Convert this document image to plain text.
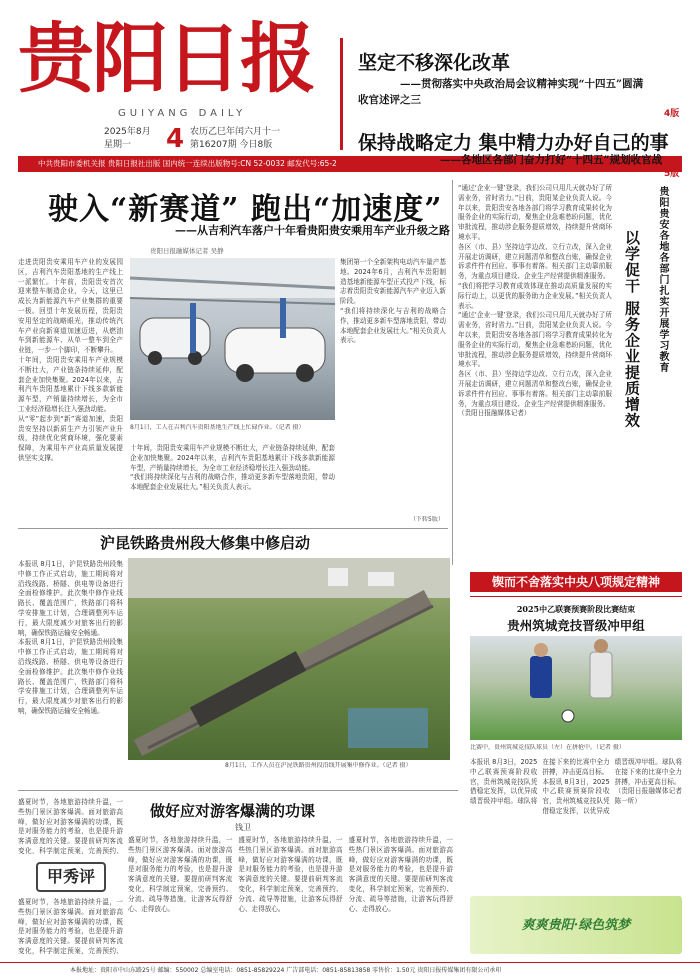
贵阳日报
GUIYANG DAILY
2025年8月
星期一	4 农历乙巳年闰六月十一
第16207期 今日8版
中共贵阳市委机关报 贵阳日报社出版 国内统一连续出版物号:CN 52-0032 邮发代号:65-2
坚定不移深化改革
——贯彻落实中央政治局会议精神实现“十四五”圆满
收官述评之三
4版
保持战略定力 集中精力办好自己的事
——各地区各部门奋力打好“十四五”规划收官战
5版
驶入“新赛道” 跑出“加速度”
——从吉利汽车落户十年看贵阳贵安乘用车产业升级之路
贵阳日报融媒体记者 吴静

走进贵阳贵安乘用车产业的发展园区，吉利汽车贵阳基地的生产线上一派繁忙。十年前，贵阳贵安首次迎来整车制造企业，今天，这里已成长为新能源汽车产业集群的重要一极。回望十年发展历程，贵阳贵安用坚定的战略眼光，推动传统汽车产业向新赛道加速迈进，从燃油车到新能源车、从单一整车到全产业链，一步一个脚印，不断攀升。

十年间，贵阳贵安乘用车产业规模不断壮大，产业链条持续延伸，配套企业加快集聚。2024年以来，吉利汽车贵阳基地累计下线多款新能源车型，产销量持续增长，为全市工业经济稳增长注入强劲动能。

从“零”起步到“新”赛道加速，贵阳贵安坚持以新质生产力引领产业升级，持续优化营商环境，强化要素保障，为乘用车产业高质量发展提供坚实支撑。

8月1日，工人在吉利汽车贵阳基地生产线上忙碌作业。（记者 摄）

集团第一个全新架构电动汽车量产基地。2024年6月，吉利汽车贵阳制造基地新能源车型正式投产下线，标志着贵阳贵安新能源汽车产业迈入新阶段。

“我们将持续深化与吉利的战略合作，推动更多新车型落地贵阳，带动本地配套企业发展壮大。”相关负责人表示。

十年间，贵阳贵安乘用车产业规模不断壮大，产业链条持续延伸，配套企业加快集聚。2024年以来，吉利汽车贵阳基地累计下线多款新能源车型，产销量持续增长，为全市工业经济稳增长注入强劲动能。

“我们将持续深化与吉利的战略合作，推动更多新车型落地贵阳，带动本地配套企业发展壮大。”相关负责人表示。

（下转5版）

“通过‘企业一键’登录，我们公司只用几天就办好了所需业务，省时省力。”日前，贵阳某企业负责人说。今年以来，贵阳贵安各地各部门将学习教育成果转化为服务企业的实际行动，聚焦企业急难愁盼问题，优化审批流程，推动涉企服务提质增效，持续提升营商环境水平。

各区（市、县）坚持边学边改、立行立改，深入企业开展走访调研，建立问题清单和整改台账，确保企业诉求件件有回应、事事有着落。相关部门主动靠前服务，为重点项目建设、企业生产经营提供精准服务。

“我们将把学习教育成效体现在推动高质量发展的实际行动上，以更优的服务助力企业发展。”相关负责人表示。

“通过‘企业一键’登录，我们公司只用几天就办好了所需业务，省时省力。”日前，贵阳某企业负责人说。今年以来，贵阳贵安各地各部门将学习教育成果转化为服务企业的实际行动，聚焦企业急难愁盼问题，优化审批流程，推动涉企服务提质增效，持续提升营商环境水平。

各区（市、县）坚持边学边改、立行立改，深入企业开展走访调研，建立问题清单和整改台账，确保企业诉求件件有回应、事事有着落。相关部门主动靠前服务，为重点项目建设、企业生产经营提供精准服务。

（贵阳日报融媒体记者）

贵阳贵安各地各部门扎实开展学习教育
以学促干 服务企业提质增效
沪昆铁路贵州段大修集中修启动

本报讯 8月1日，沪昆铁路贵州段集中修工作正式启动，施工期间将对沿线线路、桥隧、供电等设备进行全面检修维护。此次集中修作业线路长、覆盖范围广，铁路部门将科学安排施工计划，合理调整列车运行，最大限度减少对旅客出行的影响，确保铁路运输安全畅通。

本报讯 8月1日，沪昆铁路贵州段集中修工作正式启动，施工期间将对沿线线路、桥隧、供电等设备进行全面检修维护。此次集中修作业线路长、覆盖范围广，铁路部门将科学安排施工计划，合理调整列车运行，最大限度减少对旅客出行的影响，确保铁路运输安全畅通。

8月1日，工作人员在沪昆铁路贵州段沿线开展集中修作业。（记者 摄）
锲而不舍落实中央八项规定精神
2025中乙联赛预赛阶段比赛结束
贵州筑城竞技晋级冲甲组
比赛中，贵州筑城竞技队球员（左）在拼抢中。（记者 摄）

本报讯 8月3日，2025中乙联赛预赛阶段收官，贵州筑城竞技队凭借稳定发挥，以优异成绩晋级冲甲组。球队将在接下来的比赛中全力拼搏，冲击更高目标。

本报讯 8月3日，2025中乙联赛预赛阶段收官，贵州筑城竞技队凭借稳定发挥，以优异成绩晋级冲甲组。球队将在接下来的比赛中全力拼搏，冲击更高目标。

（贵阳日报融媒体记者 陈一昕）

盛夏时节，各地旅游持续升温，一些热门景区游客爆满。面对旅游高峰，做好应对游客爆满的功课，既是对服务能力的考验，也是提升游客满意度的关键。要提前研判客流变化，科学制定预案，完善预约、
甲秀评
盛夏时节，各地旅游持续升温，一些热门景区游客爆满。面对旅游高峰，做好应对游客爆满的功课，既是对服务能力的考验，也是提升游客满意度的关键。要提前研判客流变化，科学制定预案，完善预约、
做好应对游客爆满的功课
钱卫

盛夏时节，各地旅游持续升温，一些热门景区游客爆满。面对旅游高峰，做好应对游客爆满的功课，既是对服务能力的考验，也是提升游客满意度的关键。要提前研判客流变化，科学制定预案，完善预约、分流、疏导等措施，让游客玩得舒心、走得放心。

盛夏时节，各地旅游持续升温，一些热门景区游客爆满。面对旅游高峰，做好应对游客爆满的功课，既是对服务能力的考验，也是提升游客满意度的关键。要提前研判客流变化，科学制定预案，完善预约、分流、疏导等措施，让游客玩得舒心、走得放心。

盛夏时节，各地旅游持续升温，一些热门景区游客爆满。面对旅游高峰，做好应对游客爆满的功课，既是对服务能力的考验，也是提升游客满意度的关键。要提前研判客流变化，科学制定预案，完善预约、分流、疏导等措施，让游客玩得舒心、走得放心。

爽爽贵阳·绿色筑梦
本报地址：贵阳市中山东路25号 邮编：550002 总编室电话：0851-85829224 广告部电话：0851-85813858 零售价：1.50元 贵阳日报传媒集团有限公司承印
